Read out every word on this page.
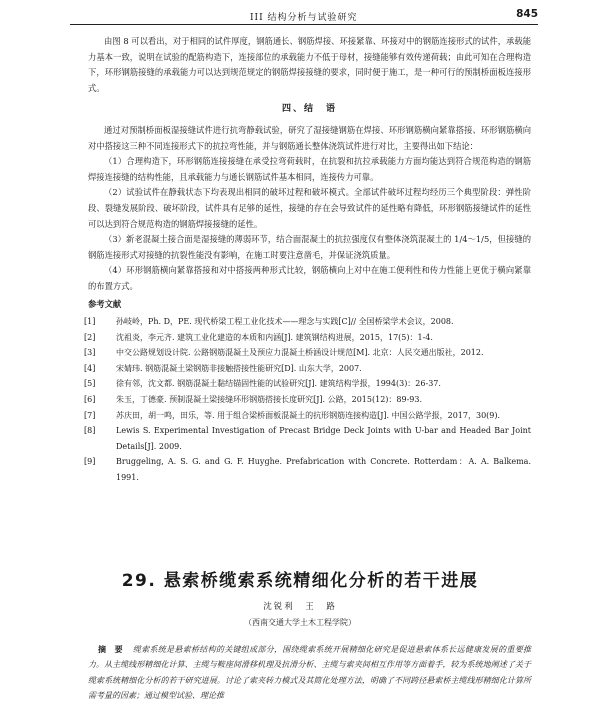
III 结构分析与试验研究	845

由图 8 可以看出，对于相同的试件厚度，钢筋通长、钢筋焊接、环接紧靠、环接对中的钢筋连接形式的试件，承载能力基本一致，说明在试验的配筋构造下，连接部位的承载能力不低于母材，接缝能够有效传递荷载；由此可知在合理构造下，环形钢筋接缝的承载能力可以达到规范规定的钢筋焊接接缝的要求，同时便于施工，是一种可行的预制桥面板连接形式。

四、结　语

通过对预制桥面板湿接缝试件进行抗弯静载试验，研究了湿接缝钢筋在焊接、环形钢筋横向紧靠搭接、环形钢筋横向对中搭接这三种不同连接形式下的抗拉弯性能，并与钢筋通长整体浇筑试件进行对比，主要得出如下结论：

（1）合理构造下，环形钢筋连接接缝在承受拉弯荷载时，在抗裂和抗拉承载能力方面均能达到符合规范构造的钢筋焊接连接缝的结构性能，且承载能力与通长钢筋试件基本相同，连接传力可靠。

（2）试验试件在静载状态下均表现出相同的破坏过程和破坏模式。全部试件破坏过程均经历三个典型阶段：弹性阶段、裂缝发展阶段、破坏阶段，试件具有足够的延性，接缝的存在会导致试件的延性略有降低，环形钢筋接缝试件的延性可以达到符合规范构造的钢筋焊接接缝的延性。

（3）新老混凝土接合面是湿接缝的薄弱环节，结合面混凝土的抗拉强度仅有整体浇筑混凝土的 1/4～1/5，但接缝的钢筋连接形式对接缝的抗裂性能没有影响，在施工时要注意凿毛，并保证浇筑质量。

（4）环形钢筋横向紧靠搭接和对中搭接两种形式比较，钢筋横向上对中在施工便利性和传力性能上更优于横向紧靠的布置方式。

参考文献
[1]	孙岐岭，Ph. D，PE. 现代桥梁工程工业化技术——理念与实践[C]// 全国桥梁学术会议，2008.
[2]	沈祖炎，李元齐. 建筑工业化建造的本质和内涵[J]. 建筑钢结构进展，2015，17(5)：1-4.
[3]	中交公路规划设计院. 公路钢筋混凝土及预应力混凝土桥涵设计规范[M]. 北京：人民交通出版社，2012.
[4]	宋婧玮. 钢筋混凝土梁钢筋非接触搭接性能研究[D]. 山东大学，2007.
[5]	徐有邻，沈文都. 钢筋混凝土黏结锚固性能的试验研究[J]. 建筑结构学报，1994(3)：26-37.
[6]	朱玉，丁德豪. 预制混凝土梁接缝环形钢筋搭接长度研究[J]. 公路，2015(12)：89-93.
[7]	苏庆田，胡一鸣，田乐，等. 用于组合梁桥面板混凝土的抗形钢筋连接构造[J]. 中国公路学报，2017，30(9).
[8]	Lewis S. Experimental Investigation of Precast Bridge Deck Joints with U-bar and Headed Bar Joint Details[J]. 2009.
[9]	Bruggeling, A. S. G. and G. F. Huyghe. Prefabrication with Concrete. Rotterdam：A. A. Balkema. 1991.
29. 悬索桥缆索系统精细化分析的若干进展
沈锐利　王　路
（西南交通大学土木工程学院）
摘　要 缆索系统是悬索桥结构的关键组成部分，围绕缆索系统开展精细化研究是促进悬索体系长远健康发展的重要推力。从主缆线形精细化计算、主缆与鞍座间滑移机理及抗滑分析、主缆与索夹间相互作用等方面着手，较为系统地阐述了关于缆索系统精细化分析的若干研究进展。讨论了索夹转力模式及其简化处理方法，明确了不同跨径悬索桥主缆线形精细化计算所需考量的因素；通过模型试验、理论推
